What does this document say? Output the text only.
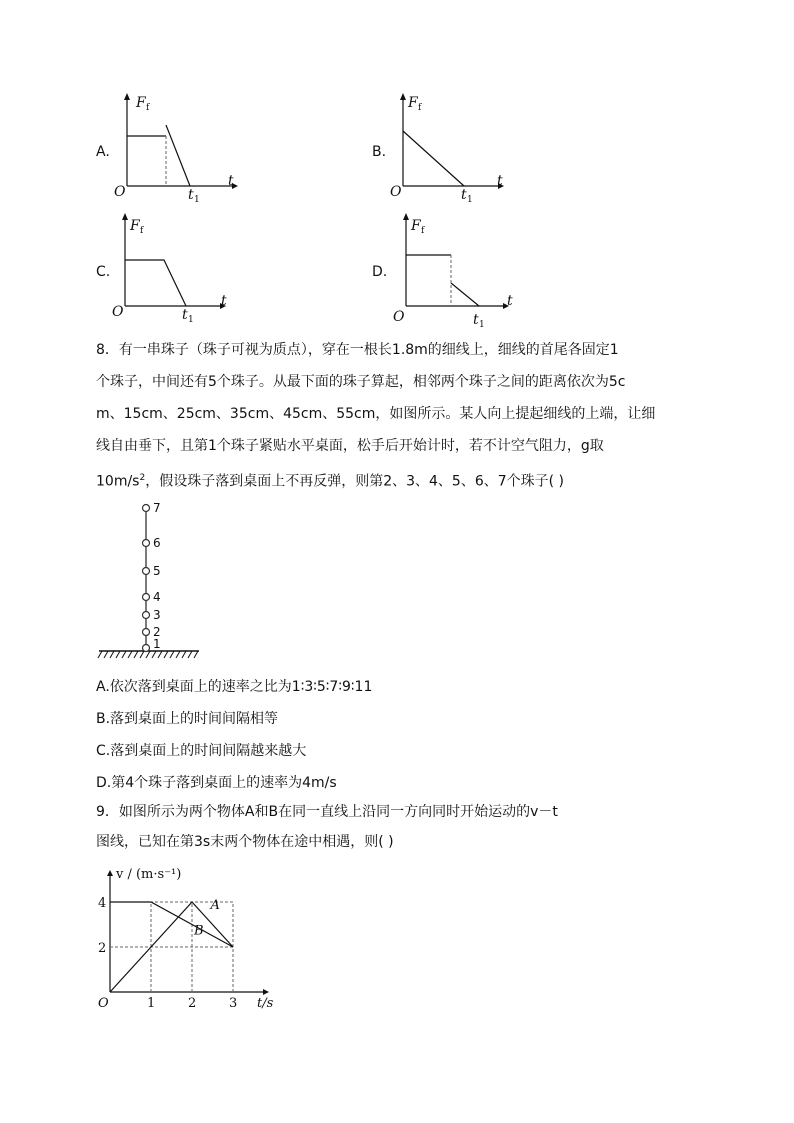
A.
F f
t
O	t 1
B.
F f
t
O	t 1
C.
F f
t
O	t 1
D.
F f
t
O	t 1

8．有一串珠子（珠子可视为质点），穿在一根长1.8m的细线上，细线的首尾各固定1

个珠子，中间还有5个珠子。从最下面的珠子算起，相邻两个珠子之间的距离依次为5c

m、15cm、25cm、35cm、45cm、55cm，如图所示。某人向上提起细线的上端，让细

线自由垂下，且第1个珠子紧贴水平桌面，松手后开始计时，若不计空气阻力，g取

$10m/s^2$，假设珠子落到桌面上不再反弹，则第2、3、4、5、6、7个珠子( )

1
2
3
4
5
6
7
A.依次落到桌面上的速率之比为1∶3∶5∶7∶9∶11
B.落到桌面上的时间间隔相等
C.落到桌面上的时间间隔越来越大
D.第4个珠子落到桌面上的速率为4m/s
9．如图所示为两个物体A和B在同一直线上沿同一方向同时开始运动的v－t
图线，已知在第3s末两个物体在途中相遇，则( )
A
B
1	2	3
2
4
O	t/s
v / (m·s⁻¹)
